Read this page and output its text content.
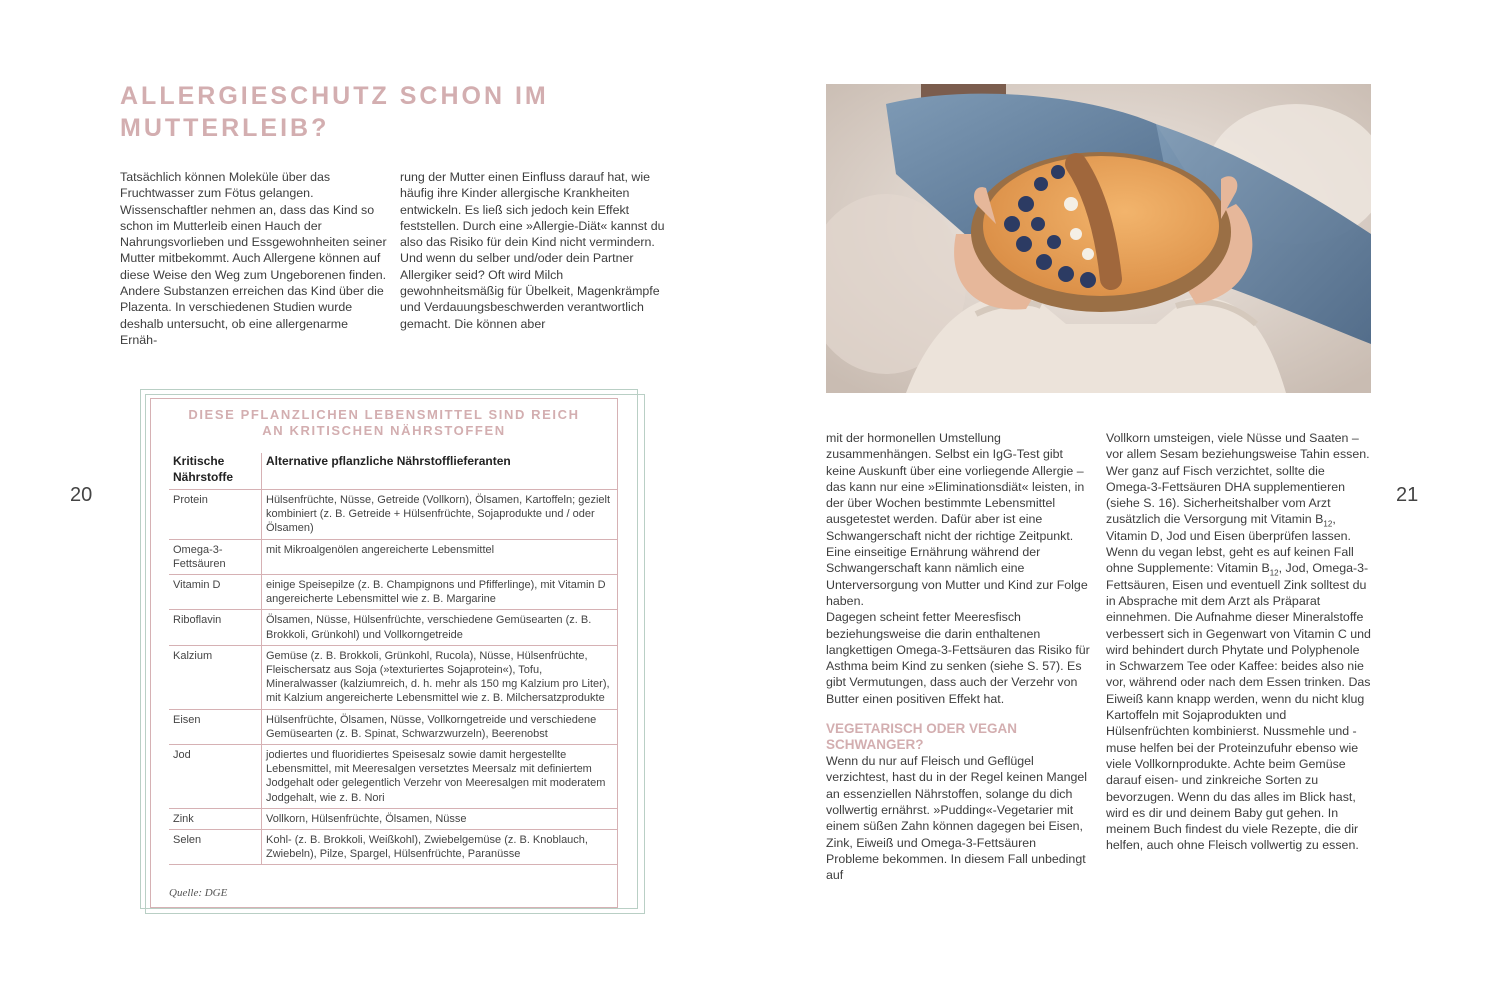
ALLERGIESCHUTZ SCHON IM
MUTTERLEIB?

Tatsächlich können Moleküle über das Fruchtwasser zum Fötus gelangen. Wissenschaftler nehmen an, dass das Kind so schon im Mutterleib einen Hauch der Nahrungsvorlieben und Essgewohnheiten seiner Mutter mitbekommt. Auch Allergene können auf diese Weise den Weg zum Ungeborenen finden. Andere Substanzen erreichen das Kind über die Plazenta. In verschiedenen Studien wurde deshalb untersucht, ob eine allergenarme Ernäh-

rung der Mutter einen Einfluss darauf hat, wie häufig ihre Kinder allergische Krankheiten entwickeln. Es ließ sich jedoch kein Effekt feststellen. Durch eine »Allergie-Diät« kannst du also das Risiko für dein Kind nicht vermindern.

Und wenn du selber und/oder dein Partner Allergiker seid? Oft wird Milch gewohnheitsmäßig für Übelkeit, Magenkrämpfe und Verdauungsbeschwerden verantwortlich gemacht. Die können aber

DIESE PFLANZLICHEN LEBENSMITTEL SIND REICH
AN KRITISCHEN NÄHRSTOFFEN
Kritische Nährstoffe	Alternative pflanzliche Nährstofflieferanten
Protein	Hülsenfrüchte, Nüsse, Getreide (Vollkorn), Ölsamen, Kartoffeln; gezielt kombiniert (z. B. Getreide + Hülsenfrüchte, Sojaprodukte und / oder Ölsamen)
Omega-3-Fettsäuren	mit Mikroalgenölen angereicherte Lebensmittel
Vitamin D	einige Speisepilze (z. B. Champignons und Pfifferlinge), mit Vitamin D angereicherte Lebensmittel wie z. B. Margarine
Riboflavin	Ölsamen, Nüsse, Hülsenfrüchte, verschiedene Gemüsearten (z. B. Brokkoli, Grünkohl) und Vollkorngetreide
Kalzium	Gemüse (z. B. Brokkoli, Grünkohl, Rucola), Nüsse, Hülsenfrüchte, Fleischersatz aus Soja (»texturiertes Sojaprotein«), Tofu, Mineralwasser (kalziumreich, d. h. mehr als 150 mg Kalzium pro Liter), mit Kalzium angereicherte Lebensmittel wie z. B. Milchersatzprodukte
Eisen	Hülsenfrüchte, Ölsamen, Nüsse, Vollkorngetreide und verschiedene Gemüsearten (z. B. Spinat, Schwarzwurzeln), Beerenobst
Jod	jodiertes und fluoridiertes Speisesalz sowie damit hergestellte Lebensmittel, mit Meeresalgen versetztes Meersalz mit definiertem Jodgehalt oder gelegentlich Verzehr von Meeresalgen mit moderatem Jodgehalt, wie z. B. Nori
Zink	Vollkorn, Hülsenfrüchte, Ölsamen, Nüsse
Selen	Kohl- (z. B. Brokkoli, Weißkohl), Zwiebelgemüse (z. B. Knoblauch, Zwiebeln), Pilze, Spargel, Hülsenfrüchte, Paranüsse
Quelle: DGE
20	21

mit der hormonellen Umstellung zusammenhängen. Selbst ein IgG-Test gibt keine Auskunft über eine vorliegende Allergie – das kann nur eine »Eliminationsdiät« leisten, in der über Wochen bestimmte Lebensmittel ausgetestet werden. Dafür aber ist eine Schwangerschaft nicht der richtige Zeitpunkt. Eine einseitige Ernährung während der Schwangerschaft kann nämlich eine Unterversorgung von Mutter und Kind zur Folge haben.

Dagegen scheint fetter Meeresfisch beziehungsweise die darin enthaltenen langkettigen Omega-3-Fettsäuren das Risiko für Asthma beim Kind zu senken (siehe S. 57). Es gibt Vermutungen, dass auch der Verzehr von Butter einen positiven Effekt hat.

VEGETARISCH ODER VEGAN SCHWANGER?

Wenn du nur auf Fleisch und Geflügel verzichtest, hast du in der Regel keinen Mangel an essenziellen Nährstoffen, solange du dich vollwertig ernährst. »Pudding«-Vegetarier mit einem süßen Zahn können dagegen bei Eisen, Zink, Eiweiß und Omega-3-Fettsäuren Probleme bekommen. In diesem Fall unbedingt auf

Vollkorn umsteigen, viele Nüsse und Saaten – vor allem Sesam beziehungsweise Tahin essen. Wer ganz auf Fisch verzichtet, sollte die Omega-3-Fettsäuren DHA supplementieren (siehe S. 16). Sicherheitshalber vom Arzt zusätzlich die Versorgung mit Vitamin $B_{12}$, Vitamin D, Jod und Eisen überprüfen lassen.

Wenn du vegan lebst, geht es auf keinen Fall ohne Supplemente: Vitamin $B_{12}$, Jod, Omega-3-Fettsäuren, Eisen und eventuell Zink solltest du in Absprache mit dem Arzt als Präparat einnehmen. Die Aufnahme dieser Mineralstoffe verbessert sich in Gegenwart von Vitamin C und wird behindert durch Phytate und Polyphenole in Schwarzem Tee oder Kaffee: beides also nie vor, während oder nach dem Essen trinken. Das Eiweiß kann knapp werden, wenn du nicht klug Kartoffeln mit Sojaprodukten und Hülsenfrüchten kombinierst. Nussmehle und -muse helfen bei der Proteinzufuhr ebenso wie viele Vollkornprodukte. Achte beim Gemüse darauf eisen- und zinkreiche Sorten zu bevorzugen. Wenn du das alles im Blick hast, wird es dir und deinem Baby gut gehen. In meinem Buch findest du viele Rezepte, die dir helfen, auch ohne Fleisch vollwertig zu essen.
